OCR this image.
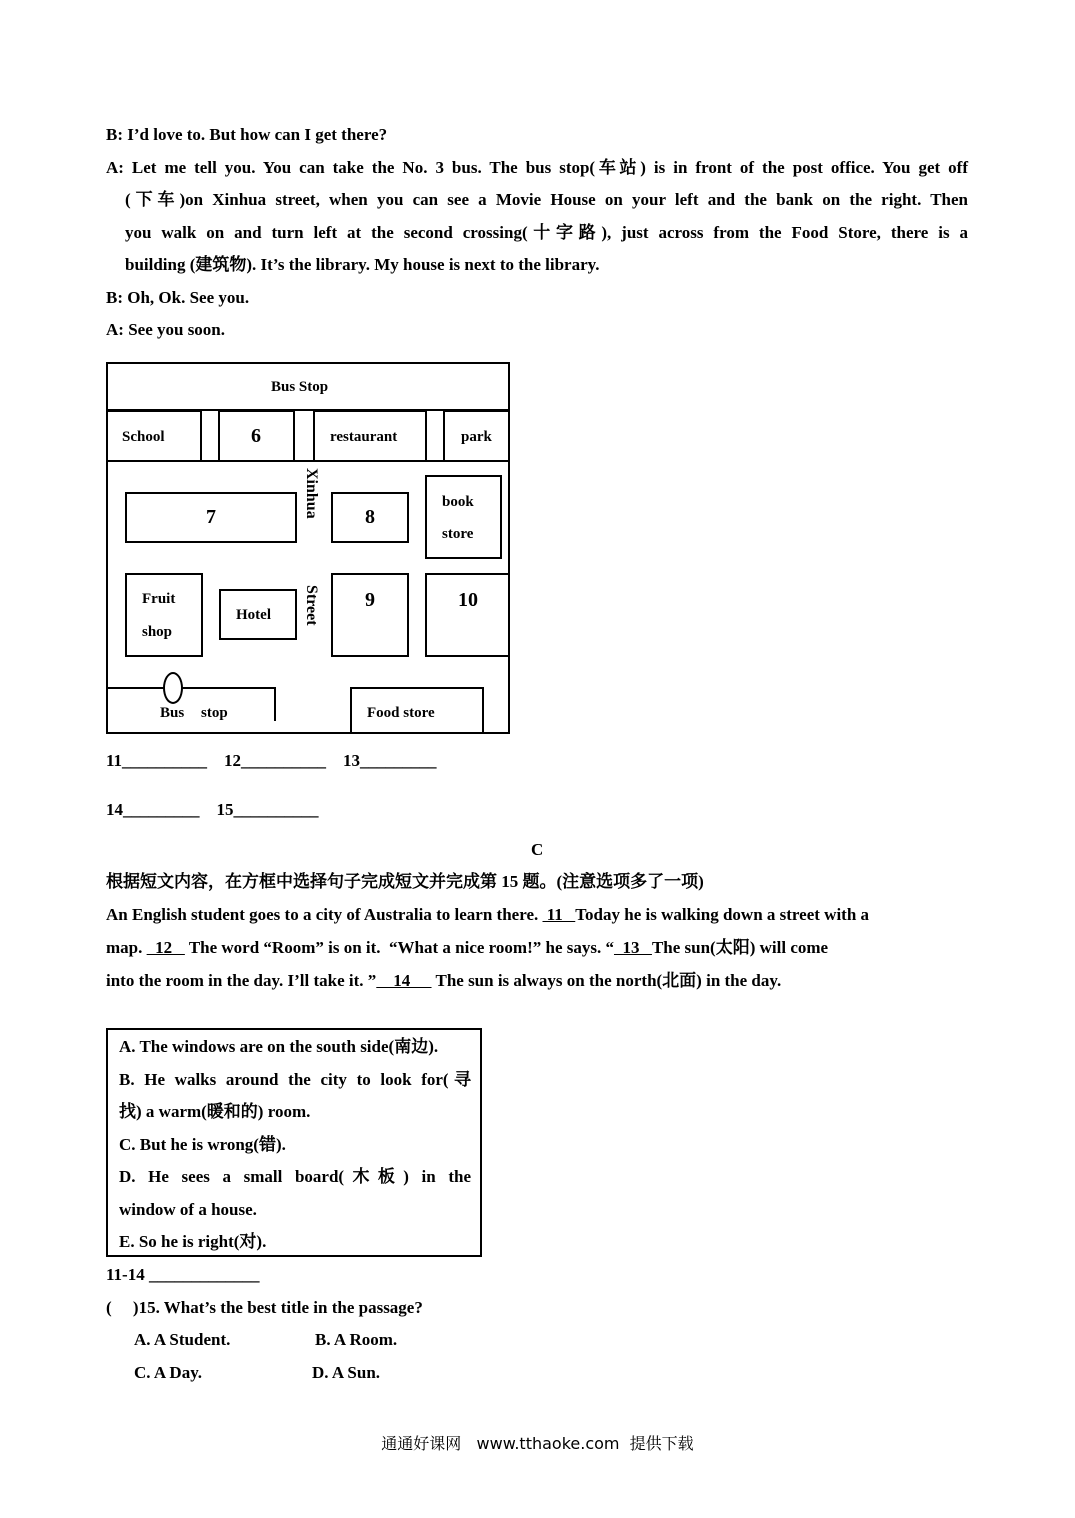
B: I’d love to. But how can I get there?
A: Let me tell you. You can take the No. 3 bus. The bus stop(车站) is in front of the post office. You get off
(下车)on Xinhua street, when you can see a Movie House on your left and the bank on the right. Then
you walk on and turn left at the second crossing(十字路), just across from the Food Store, there is a
building (建筑物). It’s the library. My house is next to the library.
B: Oh, Ok. See you.
A: See you soon.
Bus Stop
School	6	restaurant	park
Xinhua
7	8
book
store
Fruit
shop
Hotel Street 9	10
Bus stop	Food store
11__________    12__________    13_________
14_________    15__________
C
根据短文内容，在方框中选择句子完成短文并完成第 15 题。(注意选项多了一项)
An English student goes to a city of Australia to learn there.  11   Today he is walking down a street with a
map.   12    The word “Room” is on it.  “What a nice room!” he says. “  13   The sun(太阳) will come
into the room in the day. I’ll take it. ”    14      The sun is always on the north(北面) in the day.
A. The windows are on the south side(南边).
B. He walks around the city to look for(寻
找) a warm(暖和的) room.
C. But he is wrong(错).
D. He sees a small board(木板) in the
window of a house.
E. So he is right(对).
11-14 _____________
(     )15. What’s the best title in the passage?
A. A Student.	B. A Room.
C. A Day.	D. A Sun.
通通好课网   www.tthaoke.com  提供下载
